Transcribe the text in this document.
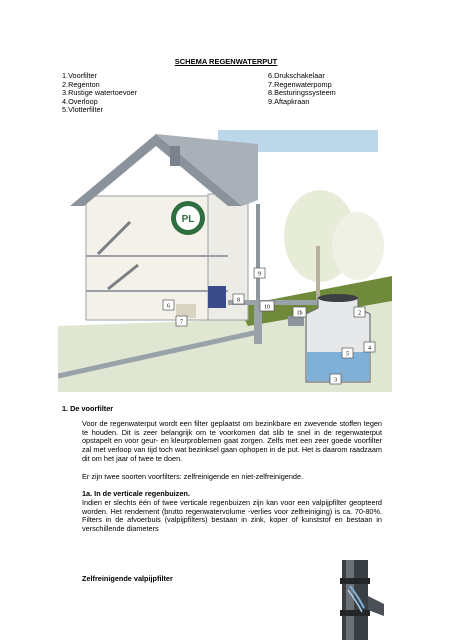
SCHEMA REGENWATERPUT
1.Voorfilter
2.Regenton
3.Rustige watertoevoer
4.Overloop
5.Vlotterfilter
6.Drukschakelaar
7.Regenwaterpomp
8.Besturingssysteem
9.Aftapkraan
PL
9
8
6
7
10
1b	2
4
5
3
1. De voorfilter

Voor de regenwaterput wordt een filter geplaatst om bezinkbare en zwevende stoffen tegen te houden. Dit is zeer belangrijk om te voorkomen dat slib te snel in de regenwaterput opstapelt en voor geur- en kleurproblemen gaat zorgen. Zelfs met een zeer goede voorfilter zal met verloop van tijd toch wat bezinksel gaan ophopen in de put. Het is daarom raadzaam dit om het jaar of twee te doen.

Er zijn twee soorten voorfilters: zelfreinigende en niet-zelfreinigende.

1a. In de verticale regenbuizen.

Indien er slechts één of twee verticale regenbuizen zijn kan voor een valpijpfilter geopteerd worden. Het rendement (brutto regenwatervolume -verlies voor zelfreiniging) is ca. 70-80%. Filters in de afvoerbuis (valpijpfilters) bestaan in zink, koper of kunststof en bestaan in verschillende diameters

Zelfreinigende valpijpfilter
